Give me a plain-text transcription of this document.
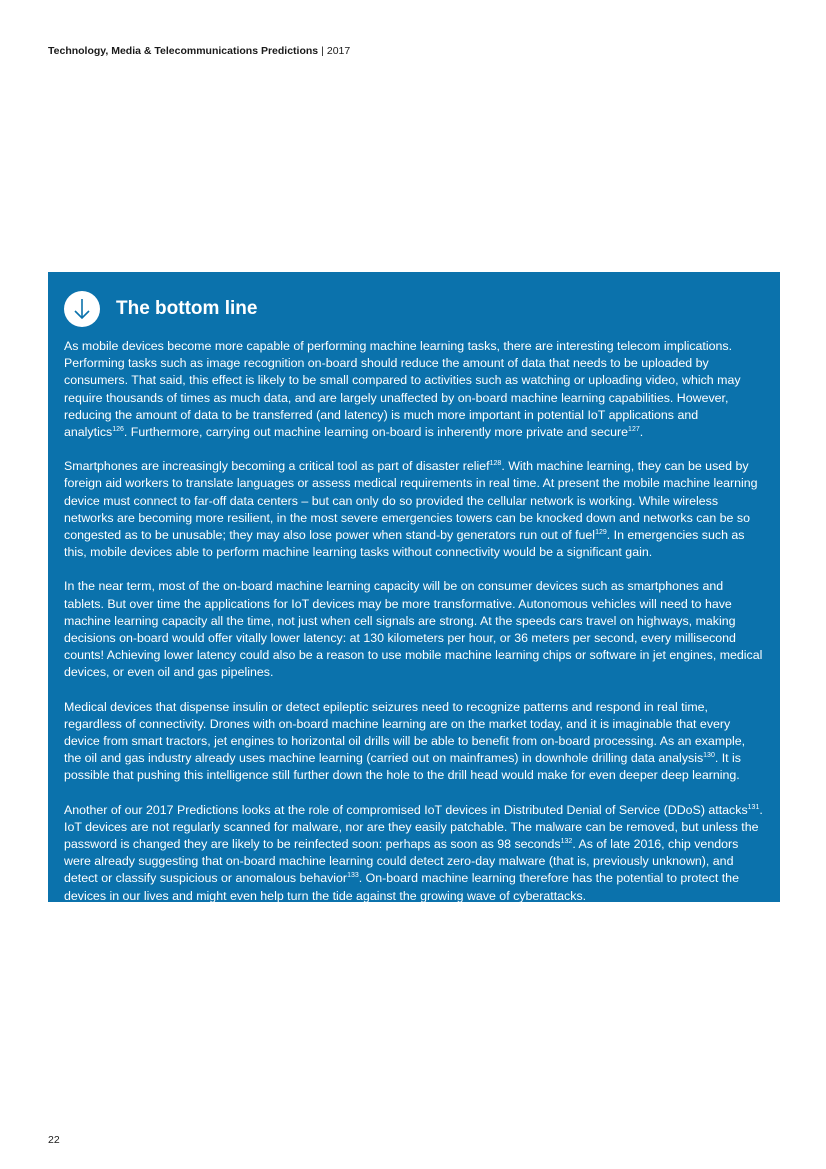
Technology, Media & Telecommunications Predictions | 2017
The bottom line

As mobile devices become more capable of performing machine learning tasks, there are interesting telecom implications. Performing tasks such as image recognition on-board should reduce the amount of data that needs to be uploaded by consumers. That said, this effect is likely to be small compared to activities such as watching or uploading video, which may require thousands of times as much data, and are largely unaffected by on-board machine learning capabilities. However, reducing the amount of data to be transferred (and latency) is much more important in potential IoT applications and analytics$^{126}$. Furthermore, carrying out machine learning on-board is inherently more private and secure$^{127}$.

Smartphones are increasingly becoming a critical tool as part of disaster relief$^{128}$. With machine learning, they can be used by foreign aid workers to translate languages or assess medical requirements in real time. At present the mobile machine learning device must connect to far-off data centers – but can only do so provided the cellular network is working. While wireless networks are becoming more resilient, in the most severe emergencies towers can be knocked down and networks can be so congested as to be unusable; they may also lose power when stand-by generators run out of fuel$^{129}$. In emergencies such as this, mobile devices able to perform machine learning tasks without connectivity would be a significant gain.

In the near term, most of the on-board machine learning capacity will be on consumer devices such as smartphones and tablets. But over time the applications for IoT devices may be more transformative. Autonomous vehicles will need to have machine learning capacity all the time, not just when cell signals are strong. At the speeds cars travel on highways, making decisions on-board would offer vitally lower latency: at 130 kilometers per hour, or 36 meters per second, every millisecond counts! Achieving lower latency could also be a reason to use mobile machine learning chips or software in jet engines, medical devices, or even oil and gas pipelines.

Medical devices that dispense insulin or detect epileptic seizures need to recognize patterns and respond in real time, regardless of connectivity. Drones with on-board machine learning are on the market today, and it is imaginable that every device from smart tractors, jet engines to horizontal oil drills will be able to benefit from on-board processing. As an example, the oil and gas industry already uses machine learning (carried out on mainframes) in downhole drilling data analysis$^{130}$. It is possible that pushing this intelligence still further down the hole to the drill head would make for even deeper deep learning.

Another of our 2017 Predictions looks at the role of compromised IoT devices in Distributed Denial of Service (DDoS) attacks$^{131}$. IoT devices are not regularly scanned for malware, nor are they easily patchable. The malware can be removed, but unless the password is changed they are likely to be reinfected soon: perhaps as soon as 98 seconds$^{132}$. As of late 2016, chip vendors were already suggesting that on-board machine learning could detect zero-day malware (that is, previously unknown), and detect or classify suspicious or anomalous behavior$^{133}$. On-board machine learning therefore has the potential to protect the devices in our lives and might even help turn the tide against the growing wave of cyberattacks.

22
